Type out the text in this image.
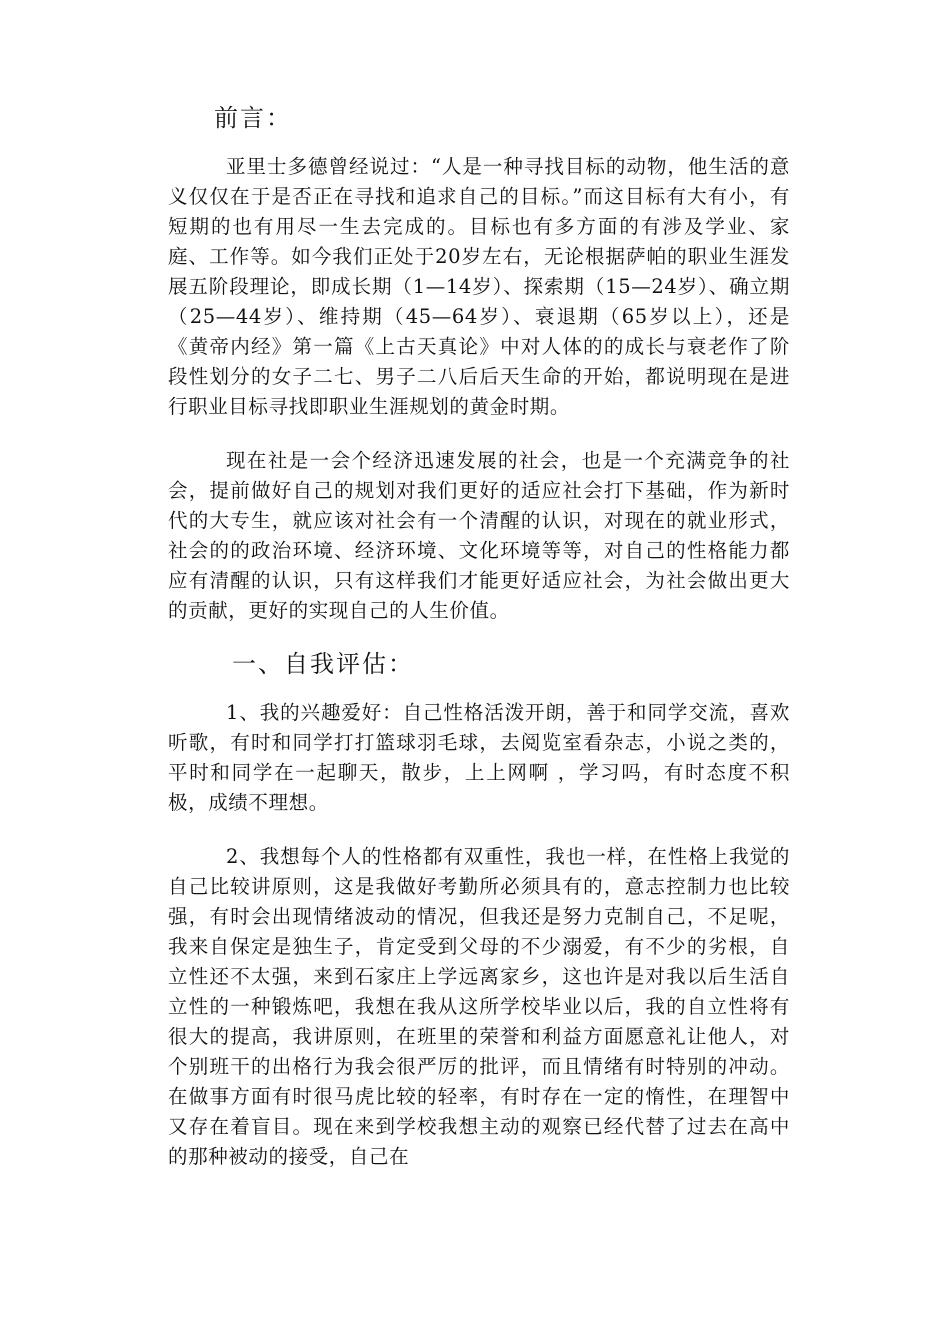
前言：

亚里士多德曾经说过：“人是一种寻找目标的动物，他生活的意义仅仅在于是否正在寻找和追求自己的目标。”而这目标有大有小，有短期的也有用尽一生去完成的。目标也有多方面的有涉及学业、家庭、工作等。如今我们正处于20岁左右，无论根据萨帕的职业生涯发展五阶段理论，即成长期（1—14岁）、探索期（15—24岁）、确立期（25—44岁）、维持期（45—64岁）、衰退期（65岁以上），还是《黄帝内经》第一篇《上古天真论》中对人体的的成长与衰老作了阶段性划分的女子二七、男子二八后后天生命的开始，都说明现在是进行职业目标寻找即职业生涯规划的黄金时期。

现在社是一会个经济迅速发展的社会，也是一个充满竞争的社会，提前做好自己的规划对我们更好的适应社会打下基础，作为新时代的大专生，就应该对社会有一个清醒的认识，对现在的就业形式，社会的的政治环境、经济环境、文化环境等等，对自己的性格能力都应有清醒的认识，只有这样我们才能更好适应社会，为社会做出更大的贡献，更好的实现自己的人生价值。

一、自我评估：

1、我的兴趣爱好：自己性格活泼开朗，善于和同学交流，喜欢听歌，有时和同学打打篮球羽毛球，去阅览室看杂志，小说之类的，平时和同学在一起聊天，散步，上上网啊 ，学习吗，有时态度不积极，成绩不理想。

2、我想每个人的性格都有双重性，我也一样，在性格上我觉的自己比较讲原则，这是我做好考勤所必须具有的，意志控制力也比较强，有时会出现情绪波动的情况，但我还是努力克制自己，不足呢，我来自保定是独生子，肯定受到父母的不少溺爱，有不少的劣根，自立性还不太强，来到石家庄上学远离家乡，这也许是对我以后生活自立性的一种锻炼吧，我想在我从这所学校毕业以后，我的自立性将有很大的提高，我讲原则，在班里的荣誉和利益方面愿意礼让他人，对个别班干的出格行为我会很严厉的批评，而且情绪有时特别的冲动。在做事方面有时很马虎比较的轻率，有时存在一定的惰性，在理智中又存在着盲目。现在来到学校我想主动的观察已经代替了过去在高中的那种被动的接受，自己在
